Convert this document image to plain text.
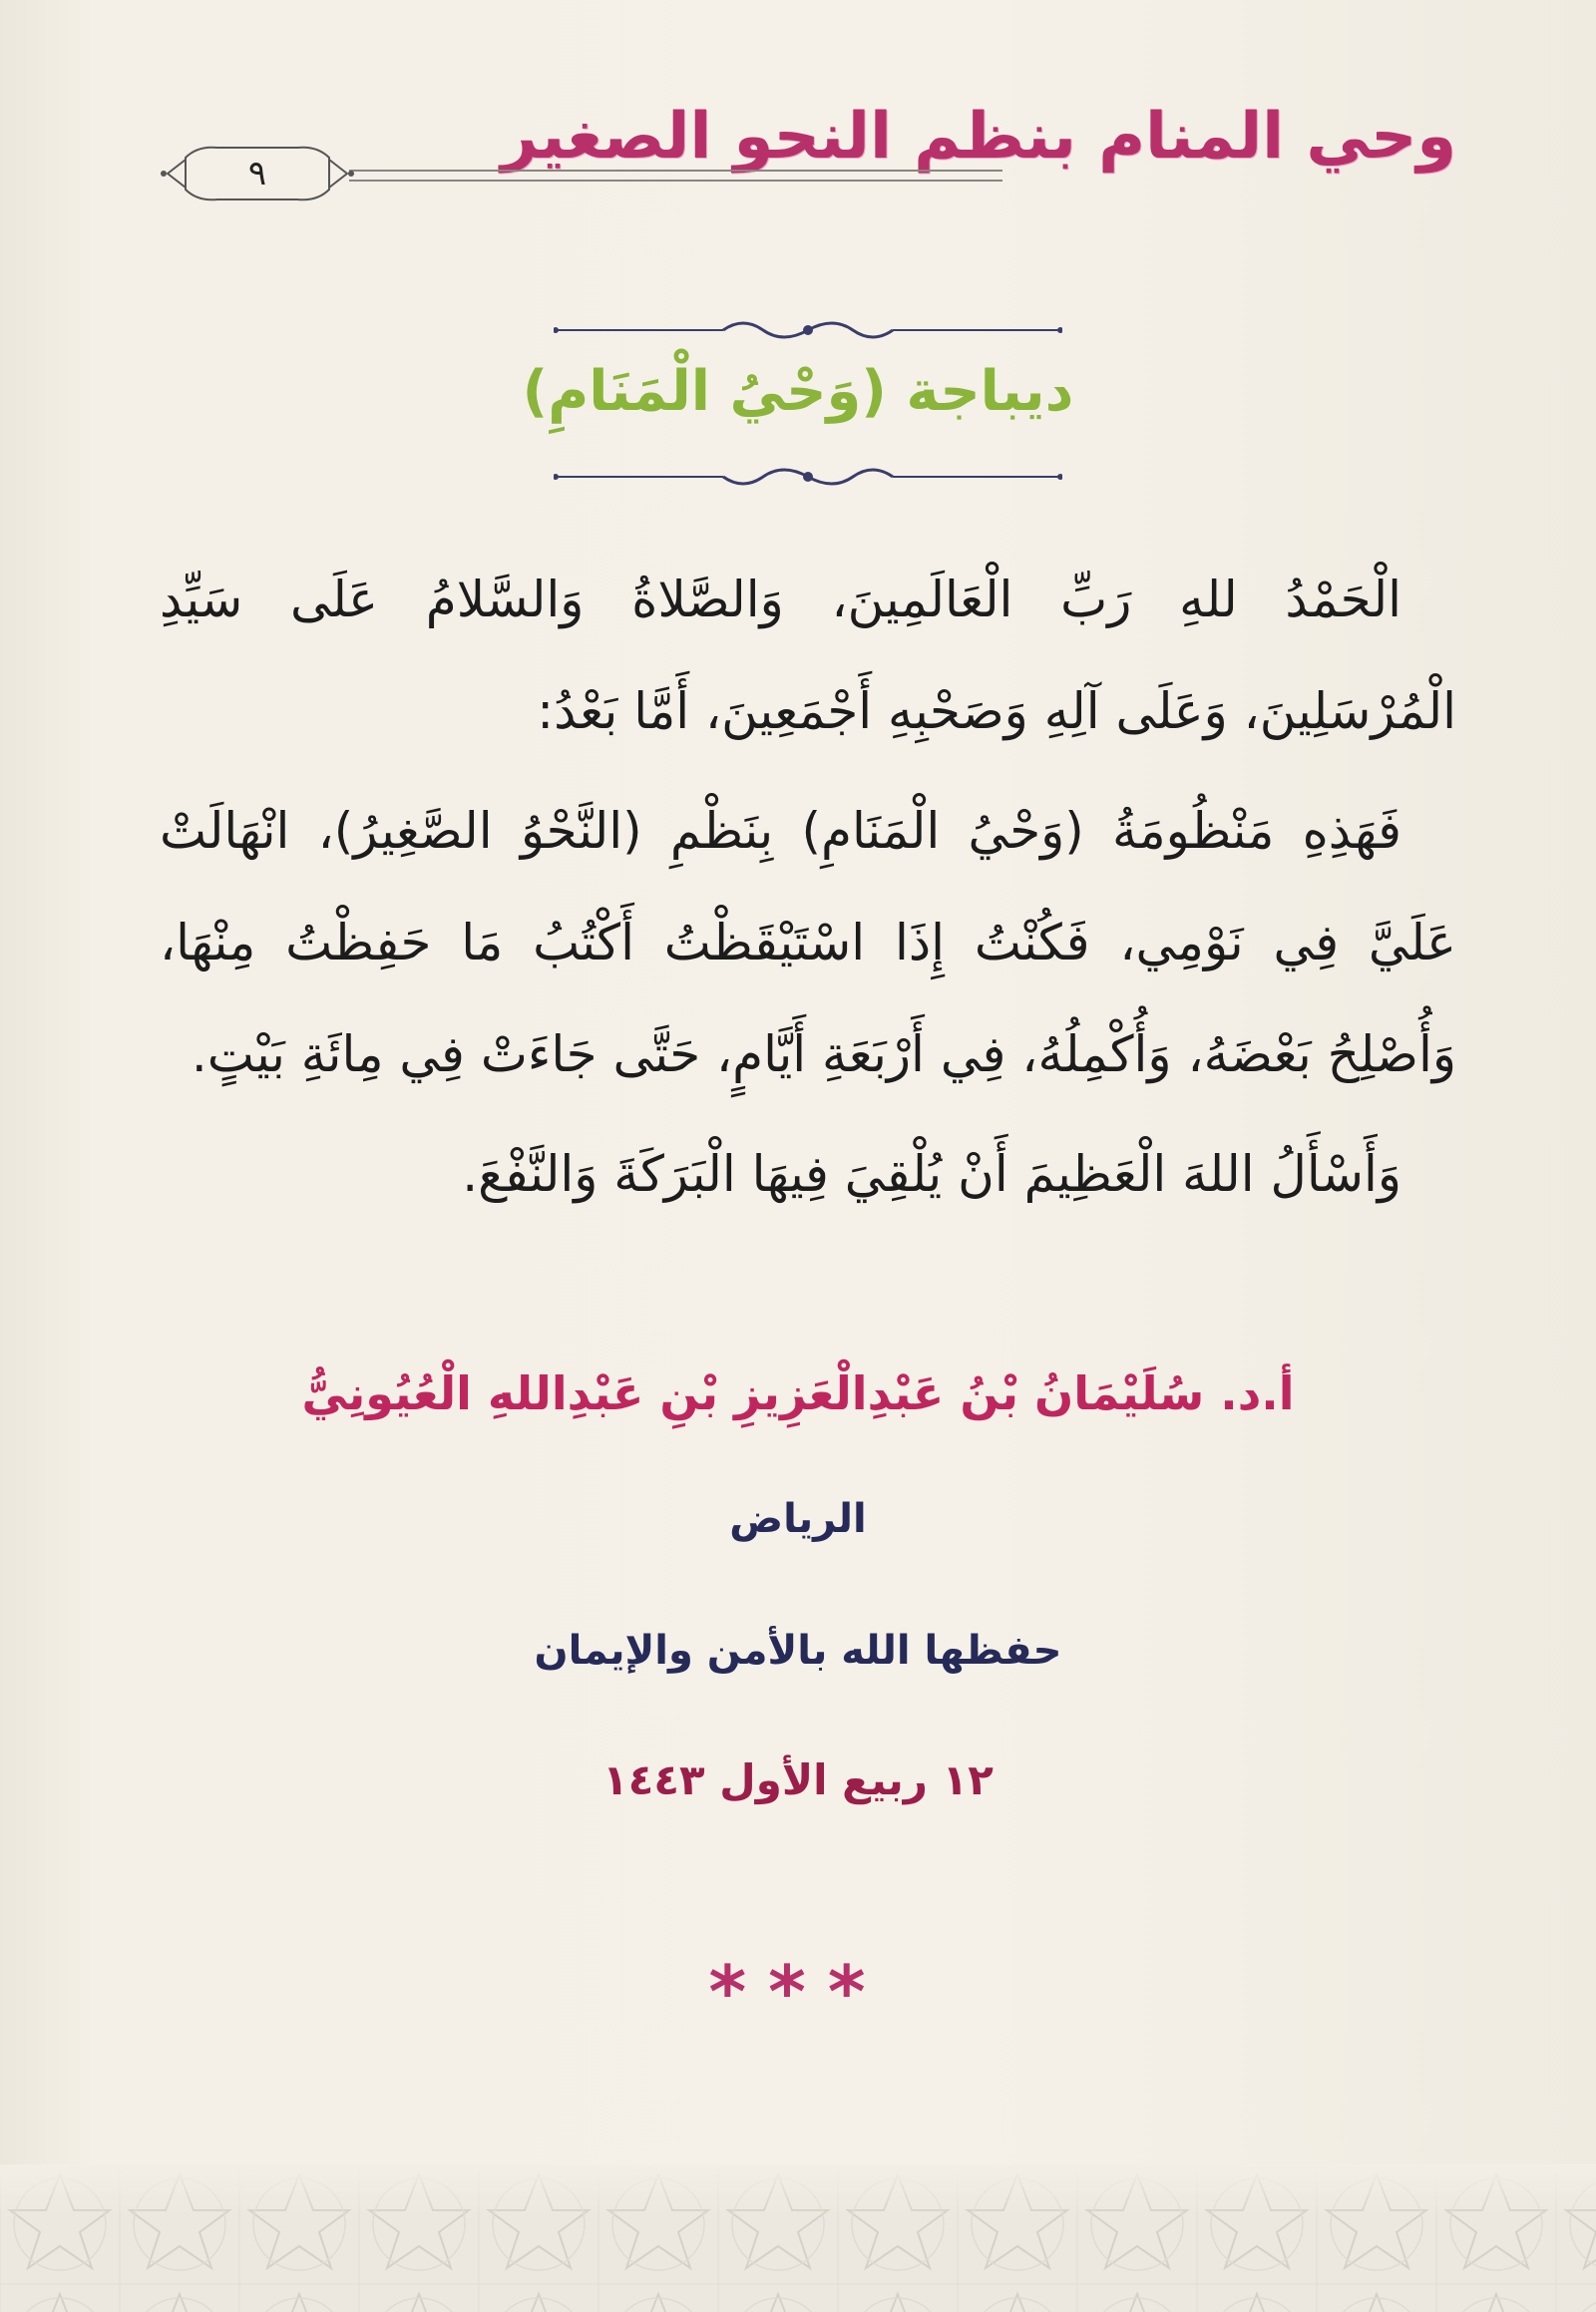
وحي المنام بنظم النحو الصغير
٩
ديباجة (وَحْيُ الْمَنَامِ)

الْحَمْدُ للهِ رَبِّ الْعَالَمِينَ، وَالصَّلاةُ وَالسَّلامُ عَلَى سَيِّدِ الْمُرْسَلِينَ، وَعَلَى آلِهِ وَصَحْبِهِ أَجْمَعِينَ، أَمَّا بَعْدُ:

فَهَذِهِ مَنْظُومَةُ (وَحْيُ الْمَنَامِ) بِنَظْمِ (النَّحْوُ الصَّغِيرُ)، انْهَالَتْ عَلَيَّ فِي نَوْمِي، فَكُنْتُ إِذَا اسْتَيْقَظْتُ أَكْتُبُ مَا حَفِظْتُ مِنْهَا، وَأُصْلِحُ بَعْضَهُ، وَأُكْمِلُهُ، فِي أَرْبَعَةِ أَيَّامٍ، حَتَّى جَاءَتْ فِي مِائَةِ بَيْتٍ.

وَأَسْأَلُ اللهَ الْعَظِيمَ أَنْ يُلْقِيَ فِيهَا الْبَرَكَةَ وَالنَّفْعَ.

أ.د. سُلَيْمَانُ بْنُ عَبْدِالْعَزِيزِ بْنِ عَبْدِاللهِ الْعُيُونِيُّ
الرياض
حفظها الله بالأمن والإيمان
١٢ ربيع الأول ١٤٤٣
***
